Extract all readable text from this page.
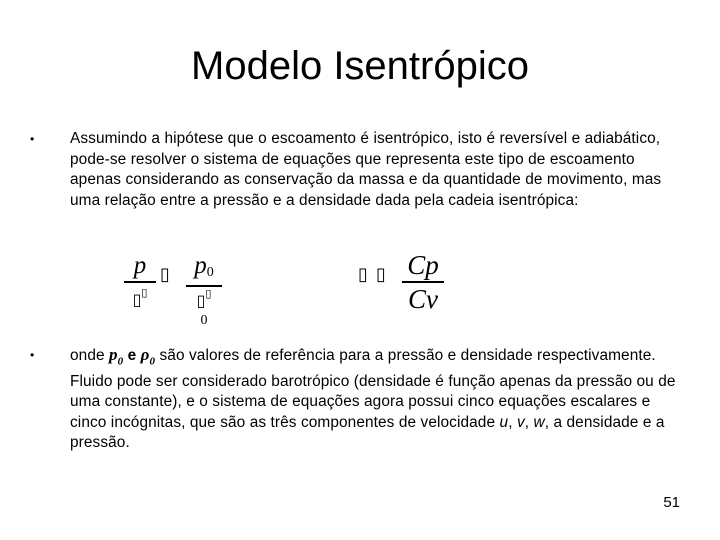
Modelo Isentrópico
•	Assumindo a hipótese que o escoamento é isentrópico, isto é reversível e adiabático, pode-se resolver o sistema de equações que representa este tipo de escoamento apenas considerando as conservação da massa e da quantidade de movimento, mas uma relação entre a pressão e a densidade dada pela cadeia isentrópica:
p
▯▯
▯ p0
▯▯
0
▯ ▯ Cp
Cv
•	onde $p_0$ e $\rho_0$ são valores de referência para a pressão e densidade respectivamente. Fluido pode ser considerado barotrópico (densidade é função apenas da pressão ou de uma constante), e o sistema de equações agora possui cinco equações escalares e cinco incógnitas, que são as três componentes de velocidade u, v, w, a densidade e a pressão.
51
